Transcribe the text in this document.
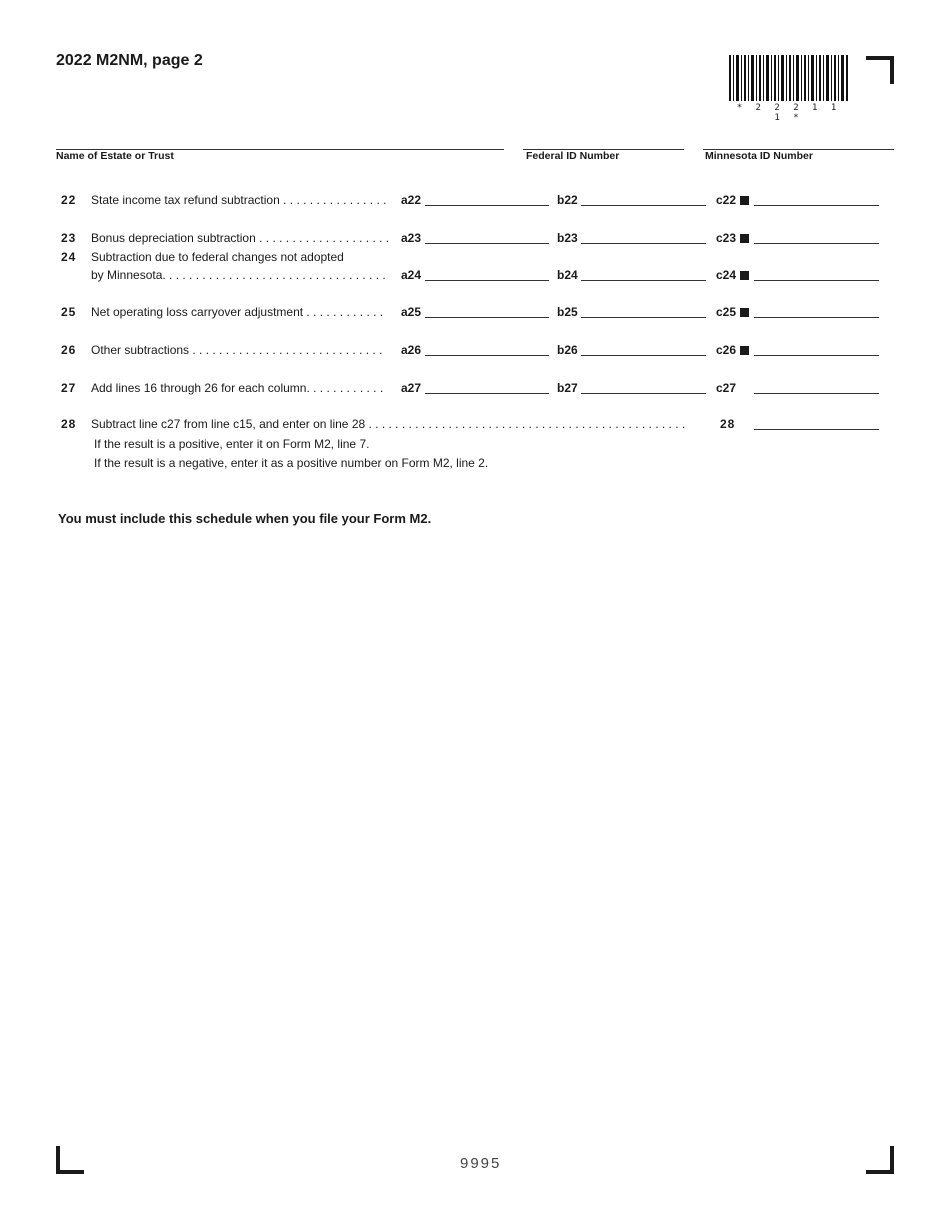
2022 M2NM, page 2
* 2 2 2 1 1 1 *
Name of Estate or Trust	Federal ID Number	Minnesota ID Number
22 State income tax refund subtraction . . . . . . . . . . . . . . . . a22	b22	c22
23 Bonus depreciation subtraction . . . . . . . . . . . . . . . . . . . . a23	b23	c23
24 Subtraction due to federal changes not adopted
by Minnesota. . . . . . . . . . . . . . . . . . . . . . . . . . . . . . . . . . a24	b24	c24
25 Net operating loss carryover adjustment . . . . . . . . . . . . a25	b25	c25
26 Other subtractions . . . . . . . . . . . . . . . . . . . . . . . . . . . . . a26	b26	c26
27 Add lines 16 through 26 for each column. . . . . . . . . . . . a27	b27	c27
28 Subtract line c27 from line c15, and enter on line 28 . . . . . . . . . . . . . . . . . . . . . . . . . . . . . . . . . . . . . . . . . . . . . . . .	28
If the result is a positive, enter it on Form M2, line 7.
If the result is a negative, enter it as a positive number on Form M2, line 2.
You must include this schedule when you file your Form M2.
9995
